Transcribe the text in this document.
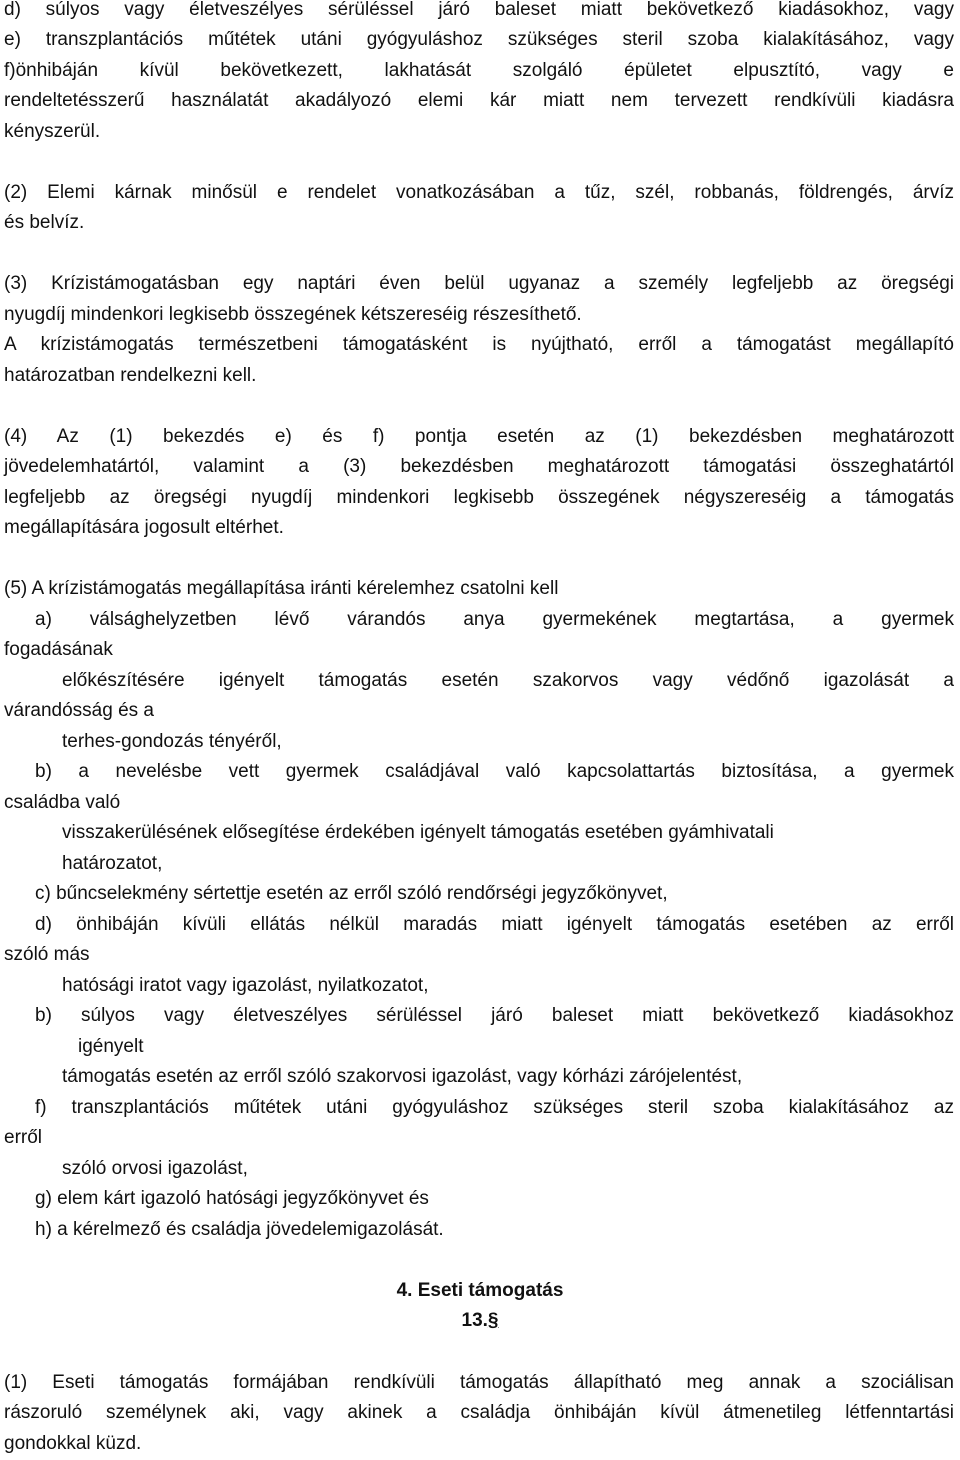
d) súlyos vagy életveszélyes sérüléssel járó baleset miatt bekövetkező kiadásokhoz, vagy
e) transzplantációs műtétek utáni gyógyuláshoz szükséges steril szoba kialakításához, vagy
f)önhibáján kívül bekövetkezett, lakhatását szolgáló épületet elpusztító, vagy e
rendeltetésszerű használatát akadályozó elemi kár miatt nem tervezett rendkívüli kiadásra
kényszerül.
(2) Elemi kárnak minősül e rendelet vonatkozásában a tűz, szél, robbanás, földrengés, árvíz
és belvíz.
(3) Krízistámogatásban egy naptári éven belül ugyanaz a személy legfeljebb az öregségi
nyugdíj mindenkori legkisebb összegének kétszereséig részesíthető.
A krízistámogatás természetbeni támogatásként is nyújtható, erről a támogatást megállapító
határozatban rendelkezni kell.
(4) Az (1) bekezdés e) és f) pontja esetén az (1) bekezdésben meghatározott
jövedelemhatártól, valamint a (3) bekezdésben meghatározott támogatási összeghatártól
legfeljebb az öregségi nyugdíj mindenkori legkisebb összegének négyszereséig a támogatás
megállapítására jogosult eltérhet.
(5) A krízistámogatás megállapítása iránti kérelemhez csatolni kell
a) válsághelyzetben lévő várandós anya gyermekének megtartása, a gyermek
fogadásának
előkészítésére igényelt támogatás esetén szakorvos vagy védőnő igazolását a
várandósság és a
terhes-gondozás tényéről,
b) a nevelésbe vett gyermek családjával való kapcsolattartás biztosítása, a gyermek
családba való
visszakerülésének elősegítése érdekében igényelt támogatás esetében gyámhivatali
határozatot,
c) bűncselekmény sértettje esetén az erről szóló rendőrségi jegyzőkönyvet,
d) önhibáján kívüli ellátás nélkül maradás miatt igényelt támogatás esetében az erről
szóló más
hatósági iratot vagy igazolást, nyilatkozatot,
b) súlyos vagy életveszélyes sérüléssel járó baleset miatt bekövetkező kiadásokhoz
igényelt
támogatás esetén az erről szóló szakorvosi igazolást, vagy kórházi zárójelentést,
f) transzplantációs műtétek utáni gyógyuláshoz szükséges steril szoba kialakításához az
erről
szóló orvosi igazolást,
g) elem kárt igazoló hatósági jegyzőkönyvet és
h) a kérelmező és családja jövedelemigazolását.
4. Eseti támogatás
13.§
(1) Eseti támogatás formájában rendkívüli támogatás állapítható meg annak a szociálisan
rászoruló személynek aki, vagy akinek a családja önhibáján kívül átmenetileg létfenntartási
gondokkal küzd.
